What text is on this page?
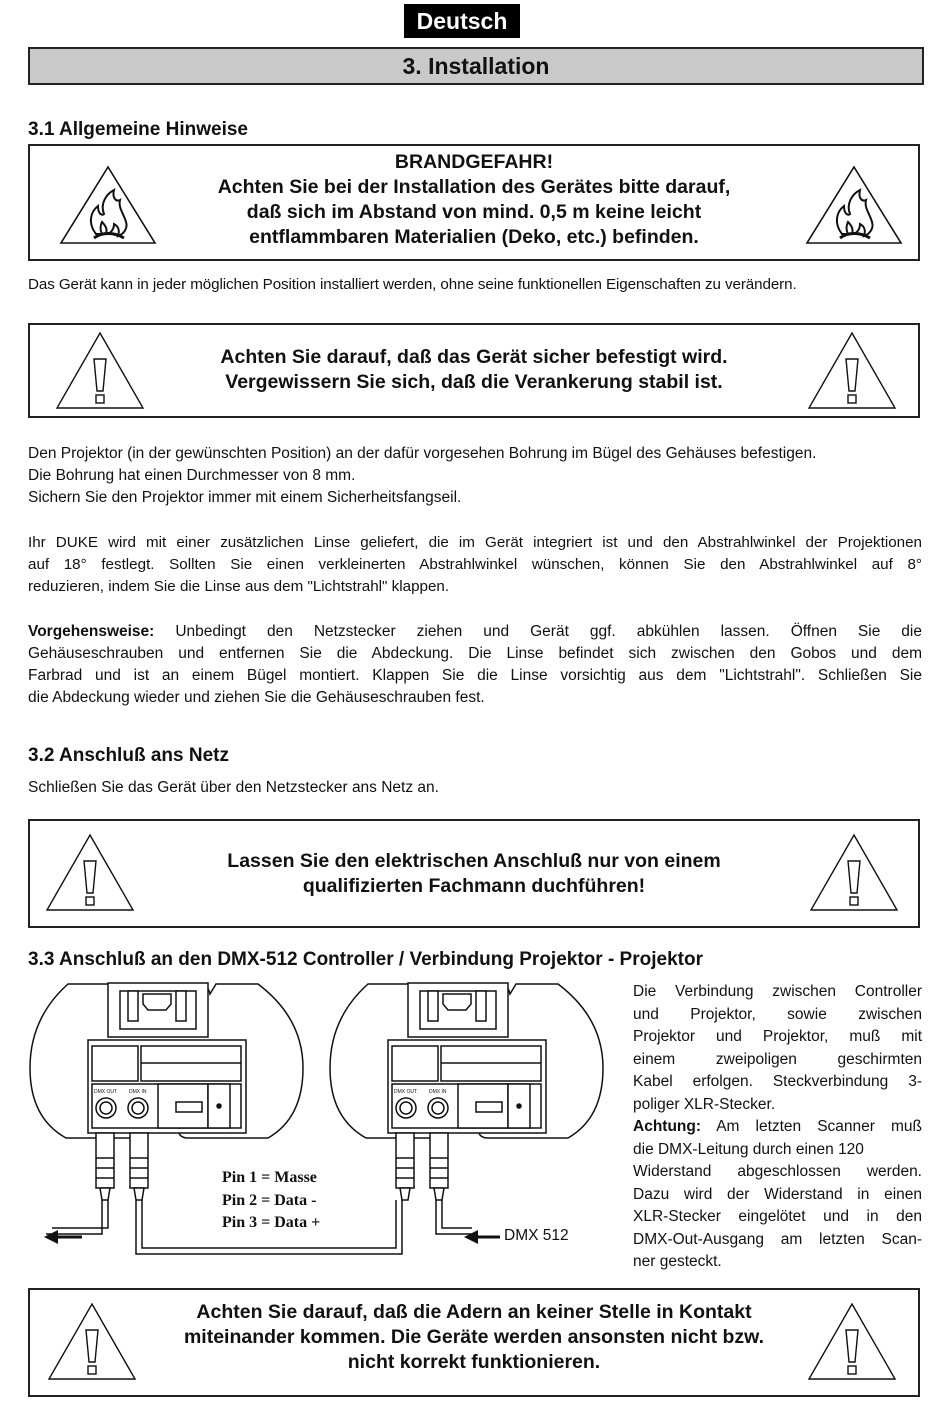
Deutsch
3. Installation
3.1 Allgemeine Hinweise
BRANDGEFAHR!
Achten Sie bei der Installation des Gerätes bitte darauf,
daß sich im Abstand von mind. 0,5 m keine leicht
entflammbaren Materialien (Deko, etc.) befinden.
Das Gerät kann in jeder möglichen Position installiert werden, ohne seine funktionellen Eigenschaften zu verändern.
Achten Sie darauf, daß das Gerät sicher befestigt wird.
Vergewissern Sie sich, daß die Verankerung stabil ist.
Den Projektor (in der gewünschten Position) an der dafür vorgesehen Bohrung im Bügel des Gehäuses befestigen.
Die Bohrung hat einen Durchmesser von 8 mm.
Sichern Sie den Projektor immer mit einem Sicherheitsfangseil.
Ihr DUKE wird mit einer zusätzlichen Linse geliefert, die im Gerät integriert ist und den Abstrahlwinkel der Projektionen
auf 18° festlegt. Sollten Sie einen verkleinerten Abstrahlwinkel wünschen, können Sie den Abstrahlwinkel auf 8°
reduzieren, indem Sie die Linse aus dem "Lichtstrahl" klappen.
Vorgehensweise: Unbedingt den Netzstecker ziehen und Gerät ggf. abkühlen lassen. Öffnen Sie die
Gehäuseschrauben und entfernen Sie die Abdeckung. Die Linse befindet sich zwischen den Gobos und dem
Farbrad und ist an einem Bügel montiert. Klappen Sie die Linse vorsichtig aus dem "Lichtstrahl". Schließen Sie
die Abdeckung wieder und ziehen Sie die Gehäuseschrauben fest.
3.2 Anschluß ans Netz
Schließen Sie das Gerät über den Netzstecker ans Netz an.
Lassen Sie den elektrischen Anschluß nur von einem
qualifizierten Fachmann duchführen!
3.3 Anschluß an den DMX-512 Controller / Verbindung Projektor - Projektor
DMX OUT DMX IN	DMX OUT DMX IN
Pin 1 = Masse
Pin 2 = Data -
Pin 3 = Data +
DMX 512
Die Verbindung zwischen Controller
und Projektor, sowie zwischen
Projektor und Projektor, muß mit
einem zweipoligen geschirmten
Kabel erfolgen. Steckverbindung 3-
poliger XLR-Stecker.
Achtung: Am letzten Scanner muß
die DMX-Leitung durch einen 120
Widerstand abgeschlossen werden.
Dazu wird der Widerstand in einen
XLR-Stecker eingelötet und in den
DMX-Out-Ausgang am letzten Scan-
ner gesteckt.
Achten Sie darauf, daß die Adern an keiner Stelle in Kontakt
miteinander kommen. Die Geräte werden ansonsten nicht bzw.
nicht korrekt funktionieren.
